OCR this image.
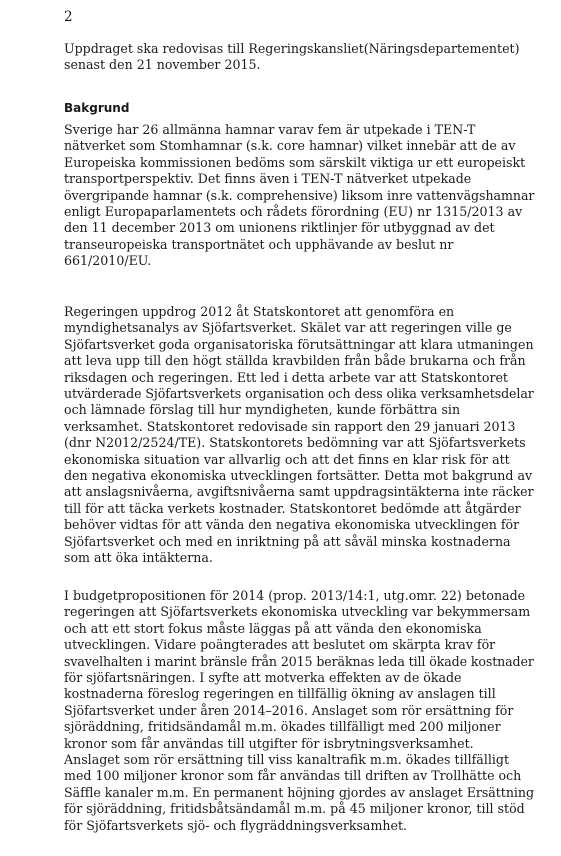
2
Uppdraget ska redovisas till Regeringskansliet(Näringsdepartementet)
senast den 21 november 2015.
Bakgrund
Sverige har 26 allmänna hamnar varav fem är utpekade i TEN-T
nätverket som Stomhamnar (s.k. core hamnar) vilket innebär att de av
Europeiska kommissionen bedöms som särskilt viktiga ur ett europeiskt
transportperspektiv. Det finns även i TEN-T nätverket utpekade
övergripande hamnar (s.k. comprehensive) liksom inre vattenvägshamnar
enligt Europaparlamentets och rådets förordning (EU) nr 1315/2013 av
den 11 december 2013 om unionens riktlinjer för utbyggnad av det
transeuropeiska transportnätet och upphävande av beslut nr
661/2010/EU.
Regeringen uppdrog 2012 åt Statskontoret att genomföra en
myndighetsanalys av Sjöfartsverket. Skälet var att regeringen ville ge
Sjöfartsverket goda organisatoriska förutsättningar att klara utmaningen
att leva upp till den högt ställda kravbilden från både brukarna och från
riksdagen och regeringen. Ett led i detta arbete var att Statskontoret
utvärderade Sjöfartsverkets organisation och dess olika verksamhetsdelar
och lämnade förslag till hur myndigheten, kunde förbättra sin
verksamhet. Statskontoret redovisade sin rapport den 29 januari 2013
(dnr N2012/2524/TE). Statskontorets bedömning var att Sjöfartsverkets
ekonomiska situation var allvarlig och att det finns en klar risk för att
den negativa ekonomiska utvecklingen fortsätter. Detta mot bakgrund av
att anslagsnivåerna, avgiftsnivåerna samt uppdragsintäkterna inte räcker
till för att täcka verkets kostnader. Statskontoret bedömde att åtgärder
behöver vidtas för att vända den negativa ekonomiska utvecklingen för
Sjöfartsverket och med en inriktning på att såväl minska kostnaderna
som att öka intäkterna.
I budgetpropositionen för 2014 (prop. 2013/14:1, utg.omr. 22) betonade
regeringen att Sjöfartsverkets ekonomiska utveckling var bekymmersam
och att ett stort fokus måste läggas på att vända den ekonomiska
utvecklingen. Vidare poängterades att beslutet om skärpta krav för
svavelhalten i marint bränsle från 2015 beräknas leda till ökade kostnader
för sjöfartsnäringen. I syfte att motverka effekten av de ökade
kostnaderna föreslog regeringen en tillfällig ökning av anslagen till
Sjöfartsverket under åren 2014–2016. Anslaget som rör ersättning för
sjöräddning, fritidsändamål m.m. ökades tillfälligt med 200 miljoner
kronor som får användas till utgifter för isbrytningsverksamhet.
Anslaget som rör ersättning till viss kanaltrafik m.m. ökades tillfälligt
med 100 miljoner kronor som får användas till driften av Trollhätte och
Säffle kanaler m.m. En permanent höjning gjordes av anslaget Ersättning
för sjöräddning, fritidsbåtsändamål m.m. på 45 miljoner kronor, till stöd
för Sjöfartsverkets sjö- och flygräddningsverksamhet.
